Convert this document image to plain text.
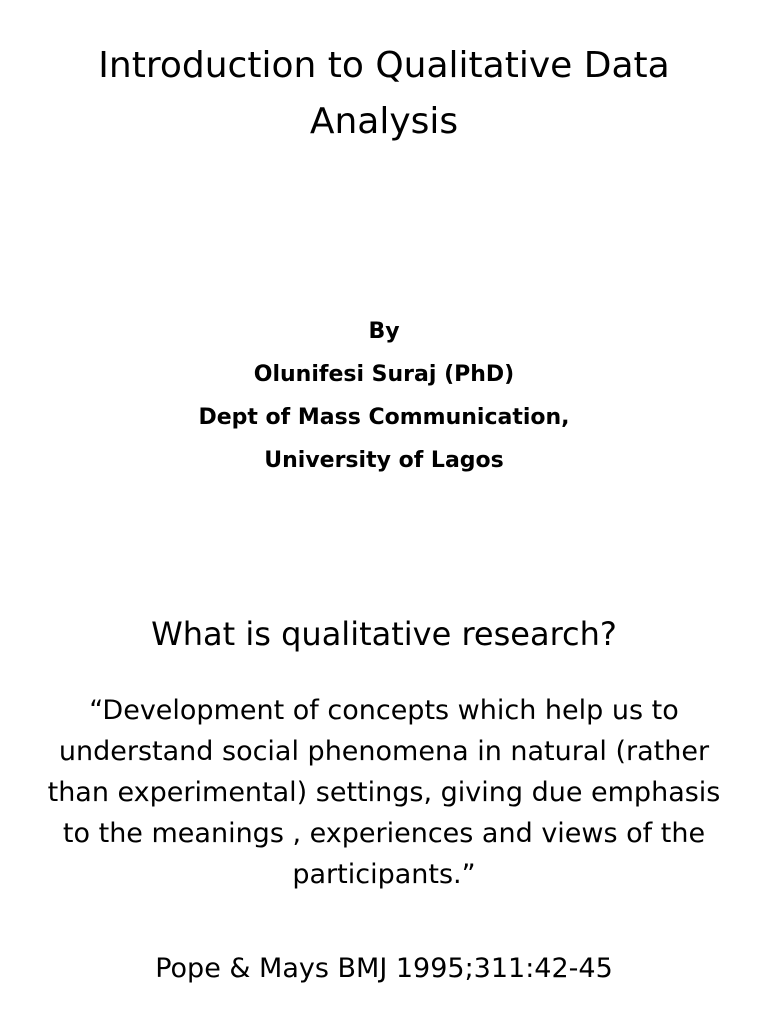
Introduction to Qualitative Data
Analysis
By
Olunifesi Suraj (PhD)
Dept of Mass Communication,
University of Lagos
What is qualitative research?

“Development of concepts which help us to
understand social phenomena in natural (rather
than experimental) settings, giving due emphasis
to the meanings , experiences and views of the
participants.”

Pope & Mays BMJ 1995;311:42-45
